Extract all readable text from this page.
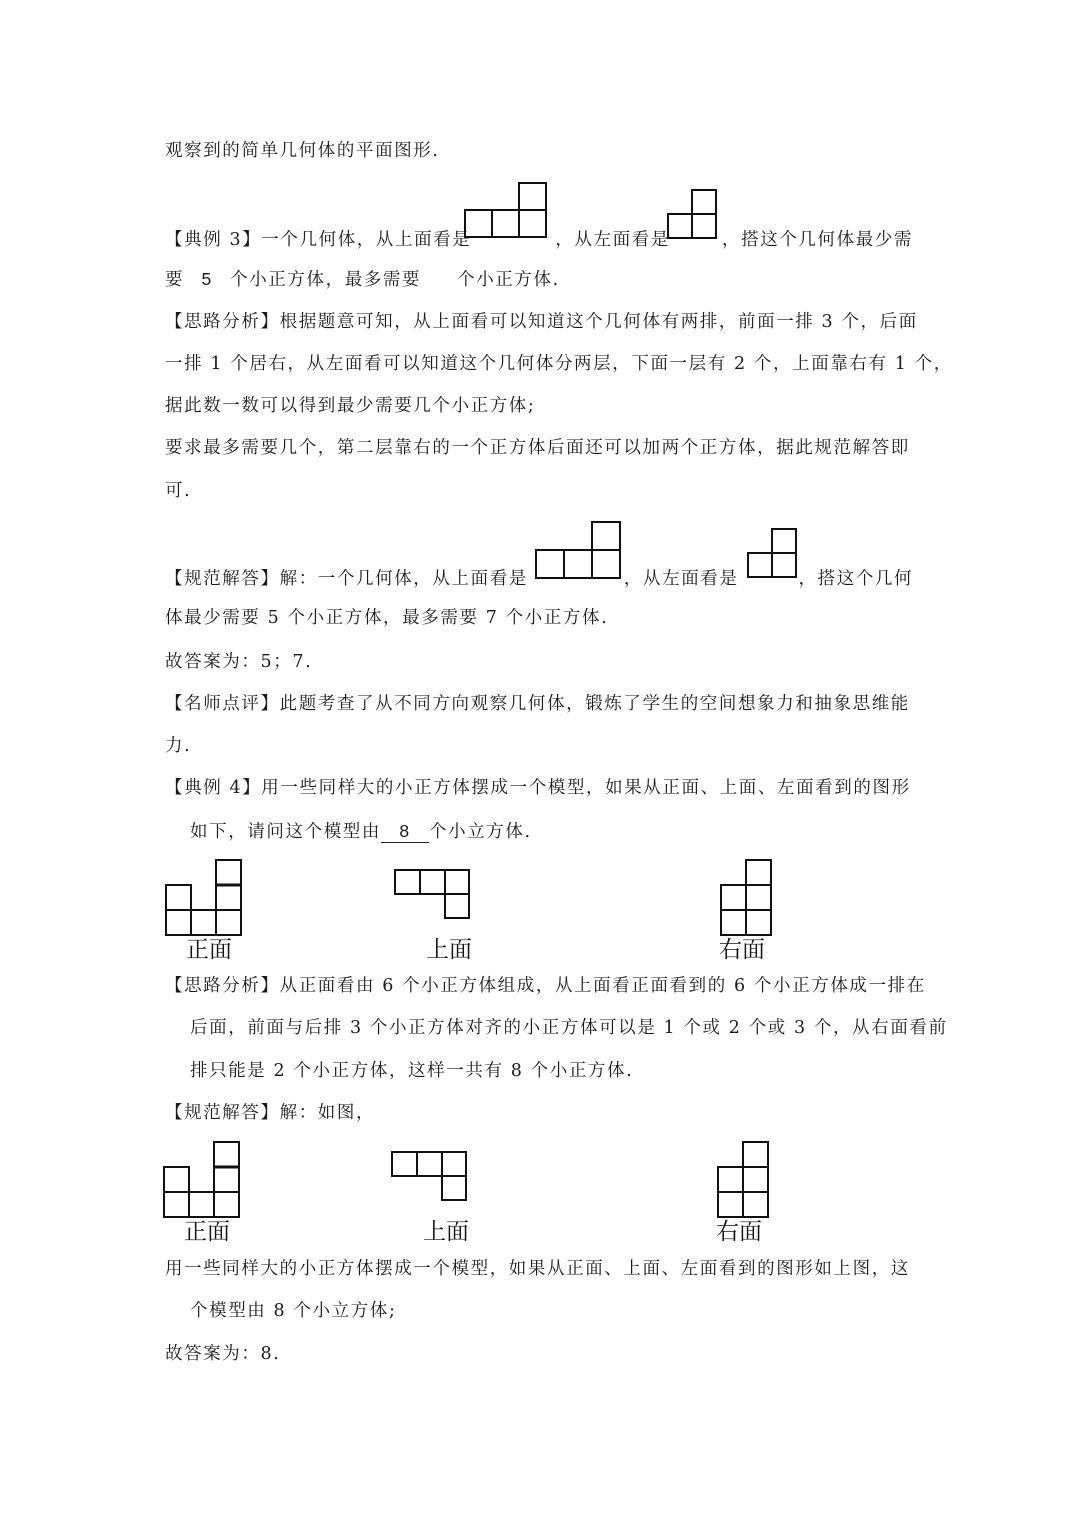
观察到的简单几何体的平面图形.
【典例 3】一个几何体，从上面看是	，从左面看是	，搭这个几何体最少需
要 5 个小正方体，最多需要 个小正方体.
【思路分析】根据题意可知，从上面看可以知道这个几何体有两排，前面一排 3 个，后面
一排 1 个居右，从左面看可以知道这个几何体分两层，下面一层有 2 个，上面靠右有 1 个，
据此数一数可以得到最少需要几个小正方体;
要求最多需要几个，第二层靠右的一个正方体后面还可以加两个正方体，据此规范解答即
可.
【规范解答】解：一个几何体，从上面看是	，从左面看是	，搭这个几何
体最少需要 5 个小正方体，最多需要 7 个小正方体.
故答案为：5；7.
【名师点评】此题考查了从不同方向观察几何体，锻炼了学生的空间想象力和抽象思维能
力.
【典例 4】用一些同样大的小正方体摆成一个模型，如果从正面、上面、左面看到的图形
如下，请问这个模型由 8 个小立方体.
正面	上面	右面
【思路分析】从正面看由 6 个小正方体组成，从上面看正面看到的 6 个小正方体成一排在
后面，前面与后排 3 个小正方体对齐的小正方体可以是 1 个或 2 个或 3 个，从右面看前
排只能是 2 个小正方体，这样一共有 8 个小正方体.
【规范解答】解：如图，
正面	上面	右面
用一些同样大的小正方体摆成一个模型，如果从正面、上面、左面看到的图形如上图，这
个模型由 8 个小立方体;
故答案为：8.
